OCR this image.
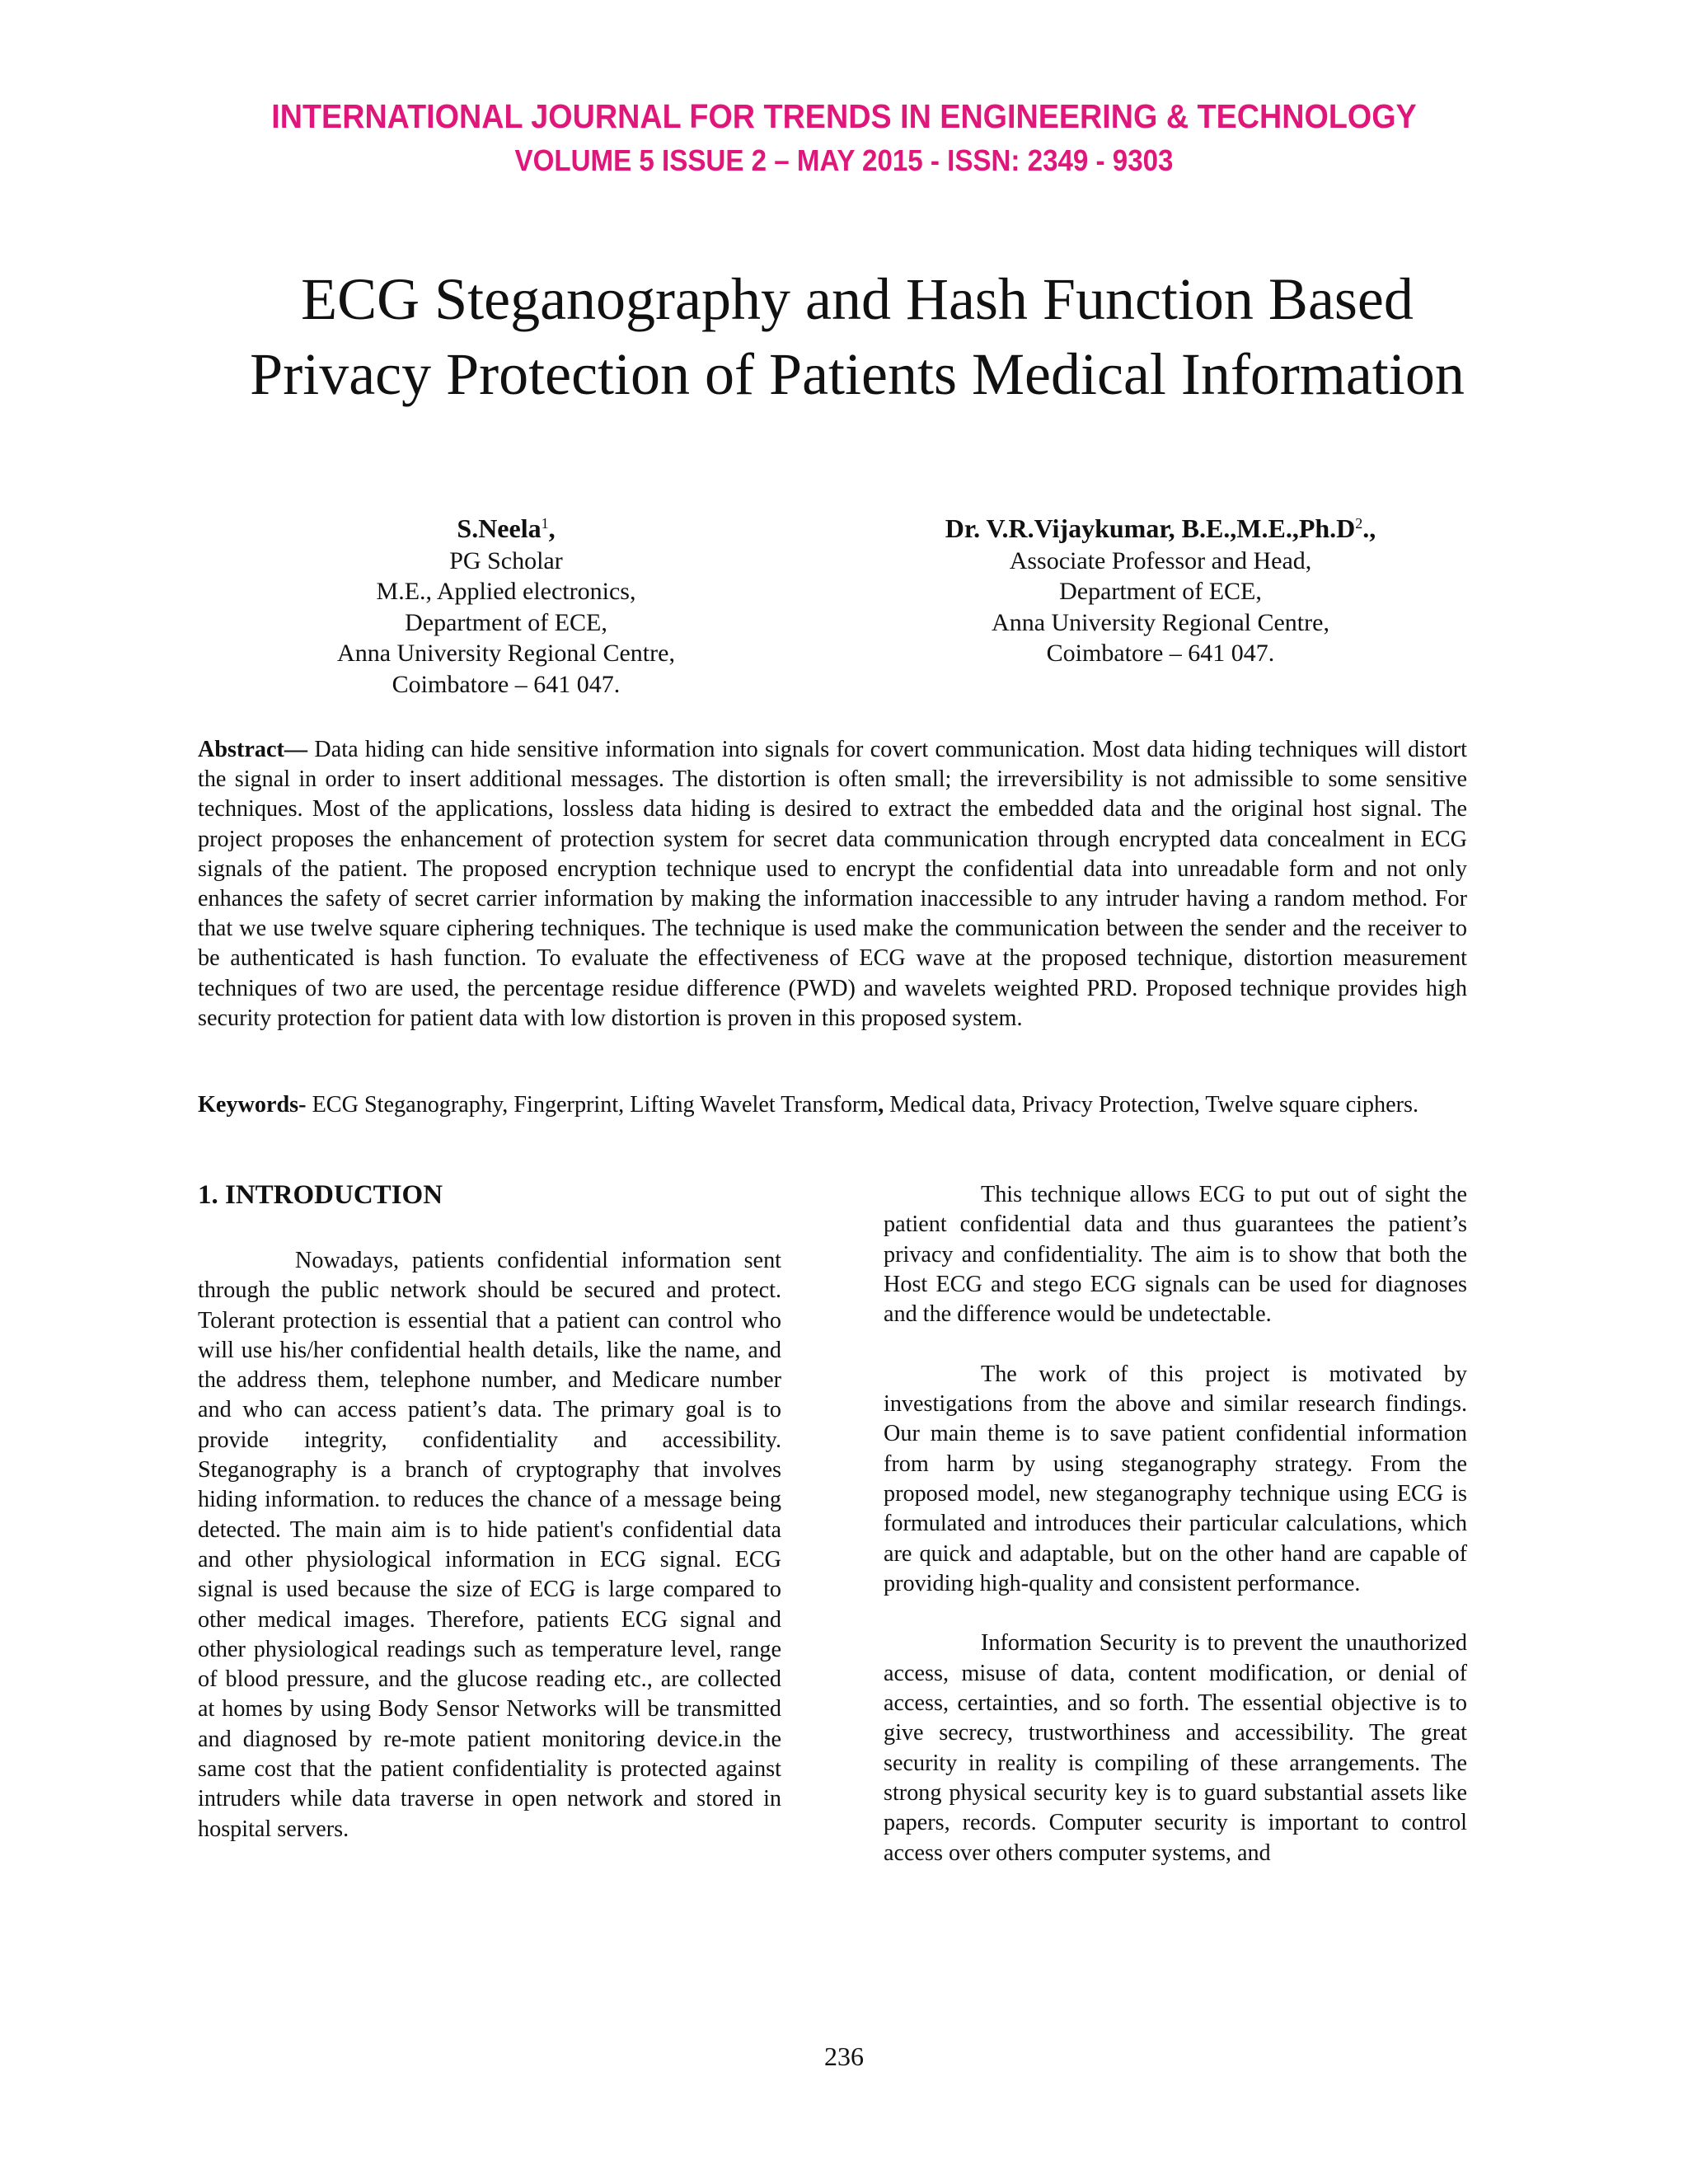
INTERNATIONAL JOURNAL FOR TRENDS IN ENGINEERING & TECHNOLOGY
VOLUME 5 ISSUE 2 – MAY 2015 - ISSN: 2349 - 9303
ECG Steganography and Hash Function Based Privacy Protection of Patients Medical Information
S.Neela$^1$,
PG Scholar
M.E., Applied electronics,
Department of ECE,
Anna University Regional Centre,
Coimbatore – 641 047.
Dr. V.R.Vijaykumar, $B.E.,M.E.,Ph.D^2$.,
Associate Professor and Head,
Department of ECE,
Anna University Regional Centre,
Coimbatore – 641 047.
Abstract— Data hiding can hide sensitive information into signals for covert communication. Most data hiding techniques will distort the signal in order to insert additional messages. The distortion is often small; the irreversibility is not admissible to some sensitive techniques. Most of the applications, lossless data hiding is desired to extract the embedded data and the original host signal. The project proposes the enhancement of protection system for secret data communication through encrypted data concealment in ECG signals of the patient. The proposed encryption technique used to encrypt the confidential data into unreadable form and not only enhances the safety of secret carrier information by making the information inaccessible to any intruder having a random method. For that we use twelve square ciphering techniques. The technique is used make the communication between the sender and the receiver to be authenticated is hash function. To evaluate the effectiveness of ECG wave at the proposed technique, distortion measurement techniques of two are used, the percentage residue difference (PWD) and wavelets weighted PRD. Proposed technique provides high security protection for patient data with low distortion is proven in this proposed system.
Keywords- ECG Steganography, Fingerprint, Lifting Wavelet Transform, Medical data, Privacy Protection, Twelve square ciphers.
1. INTRODUCTION

Nowadays, patients confidential information sent through the public network should be secured and protect. Tolerant protection is essential that a patient can control who will use his/her confidential health details, like the name, and the address them, telephone number, and Medicare number and who can access patient’s data. The primary goal is to provide integrity, confidentiality and accessibility. Steganography is a branch of cryptography that involves hiding information. to reduces the chance of a message being detected. The main aim is to hide patient's confidential data and other physiological information in ECG signal. ECG signal is used because the size of ECG is large compared to other medical images. Therefore, patients ECG signal and other physiological readings such as temperature level, range of blood pressure, and the glucose reading etc., are collected at homes by using Body Sensor Networks will be transmitted and diagnosed by re-mote patient monitoring device.in the same cost that the patient confidentiality is protected against intruders while data traverse in open network and stored in hospital servers.

This technique allows ECG to put out of sight the patient confidential data and thus guarantees the patient’s privacy and confidentiality. The aim is to show that both the Host ECG and stego ECG signals can be used for diagnoses and the difference would be undetectable.

The work of this project is motivated by investigations from the above and similar research findings. Our main theme is to save patient confidential information from harm by using steganography strategy. From the proposed model, new steganography technique using ECG is formulated and introduces their particular calculations, which are quick and adaptable, but on the other hand are capable of providing high-quality and consistent performance.

Information Security is to prevent the unauthorized access, misuse of data, content modification, or denial of access, certainties, and so forth. The essential objective is to give secrecy, trustworthiness and accessibility. The great security in reality is compiling of these arrangements. The strong physical security key is to guard substantial assets like papers, records. Computer security is important to control access over others computer systems, and

236
